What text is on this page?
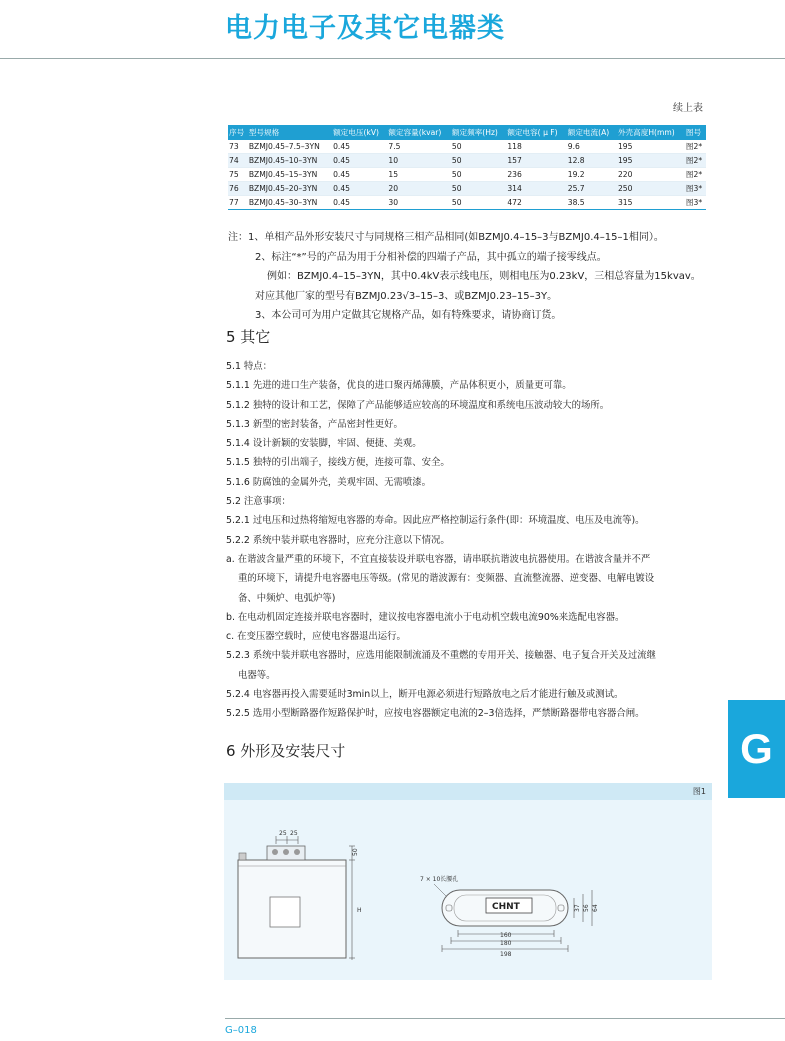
电力电子及其它电器类
续上表
序号	型号规格	额定电压(kV)	额定容量(kvar)	额定频率(Hz)	额定电容( μ F)	额定电流(A)	外壳高度H(mm)	图号
73	BZMJ0.45–7.5–3YN	0.45	7.5	50	118	9.6	195	图2*
74	BZMJ0.45–10–3YN	0.45	10	50	157	12.8	195	图2*
75	BZMJ0.45–15–3YN	0.45	15	50	236	19.2	220	图2*
76	BZMJ0.45–20–3YN	0.45	20	50	314	25.7	250	图3*
77	BZMJ0.45–30–3YN	0.45	30	50	472	38.5	315	图3*

注：1、单相产品外形安装尺寸与同规格三相产品相同(如BZMJ0.4–15–3与BZMJ0.4–15–1相同）。

2、标注“*”号的产品为用于分相补偿的四端子产品，其中孤立的端子接零线点。

例如：BZMJ0.4–15–3YN，其中0.4kV表示线电压，则相电压为0.23kV，三相总容量为15kvav。

对应其他厂家的型号有BZMJ0.23√3–15–3、或BZMJ0.23–15–3Y。

3、本公司可为用户定做其它规格产品，如有特殊要求，请协商订货。

5 其它

5.1 特点：

5.1.1 先进的进口生产装备，优良的进口聚丙烯薄膜，产品体积更小，质量更可靠。

5.1.2 独特的设计和工艺，保障了产品能够适应较高的环境温度和系统电压波动较大的场所。

5.1.3 新型的密封装备，产品密封性更好。

5.1.4 设计新颖的安装脚，牢固、便捷、美观。

5.1.5 独特的引出端子，接线方便，连接可靠、安全。

5.1.6 防腐蚀的金属外壳，美观牢固、无需喷漆。

5.2 注意事项：

5.2.1 过电压和过热将缩短电容器的寿命。因此应严格控制运行条件(即：环境温度、电压及电流等)。

5.2.2 系统中装并联电容器时，应充分注意以下情况。

a. 在谐波含量严重的环境下，不宜直接装设并联电容器，请串联抗谐波电抗器使用。在谐波含量并不严

重的环境下，请提升电容器电压等级。(常见的谐波源有：变频器、直流整流器、逆变器、电解电镀设

备、中频炉、电弧炉等)

b. 在电动机固定连接并联电容器时，建议按电容器电流小于电动机空载电流90%来选配电容器。

c. 在变压器空载时，应使电容器退出运行。

5.2.3 系统中装并联电容器时，应选用能限制流涌及不重燃的专用开关、接触器、电子复合开关及过流继

电器等。

5.2.4 电容器再投入需要延时3min以上，断开电源必须进行短路放电之后才能进行触及或测试。

5.2.5 选用小型断路器作短路保护时，应按电容器额定电流的2–3倍选择，严禁断路器带电容器合闸。

6 外形及安装尺寸	G
图1
25 25
50
H
7 × 10长腰孔
CHNT
160
180
198
37 56 64
G–018
